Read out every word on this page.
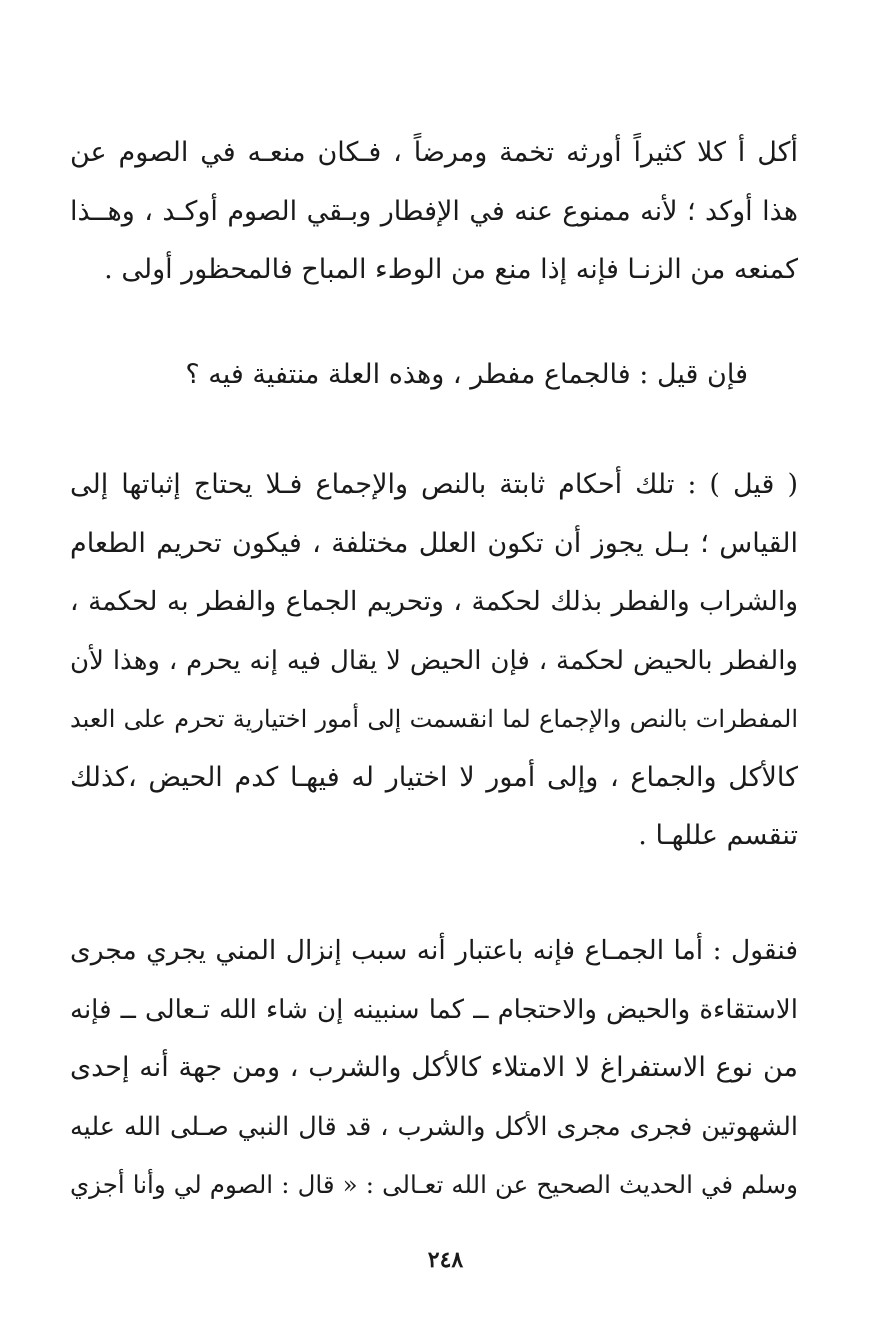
أكل أ كلا كثيراً أورثه تخمة ومرضاً ، فـكان منعـه في الصوم عن
هذا أوكد ؛ لأنه ممنوع عنه في الإفطار وبـقي الصوم أوكـد ، وهــذا
كمنعه من الزنـا فإنه إذا منع من الوطء المباح فالمحظور أولى .
فإن قيل : فالجماع مفطر ، وهذه العلة منتفية فيه ؟
( قيل ) : تلك أحكام ثابتة بالنص والإجماع فـلا يحتاج إثباتها إلى
القياس ؛ بـل يجوز أن تكون العلل مختلفة ، فيكون تحريم الطعام
والشراب والفطر بذلك لحكمة ، وتحريم الجماع والفطر به لحكمة ،
والفطر بالحيض لحكمة ، فإن الحيض لا يقال فيه إنه يحرم ، وهذا لأن
المفطرات بالنص والإجماع لما انقسمت إلى أمور اختيارية تحرم على العبد
كالأكل والجماع ، وإلى أمور لا اختيار له فيهـا كدم الحيض ،كذلك
تنقسم عللهـا .
فنقول : أما الجمـاع فإنه باعتبار أنه سبب إنزال المني يجري مجرى
الاستقاءة والحيض والاحتجام ــ كما سنبينه إن شاء الله تـعالى ــ فإنه
من نوع الاستفراغ لا الامتلاء كالأكل والشرب ، ومن جهة أنه إحدى
الشهوتين فجرى مجرى الأكل والشرب ، قد قال النبي صـلى الله عليه
وسلم في الحديث الصحيح عن الله تعـالى : « قال : الصوم لي وأنا أجزي
٢٤٨
